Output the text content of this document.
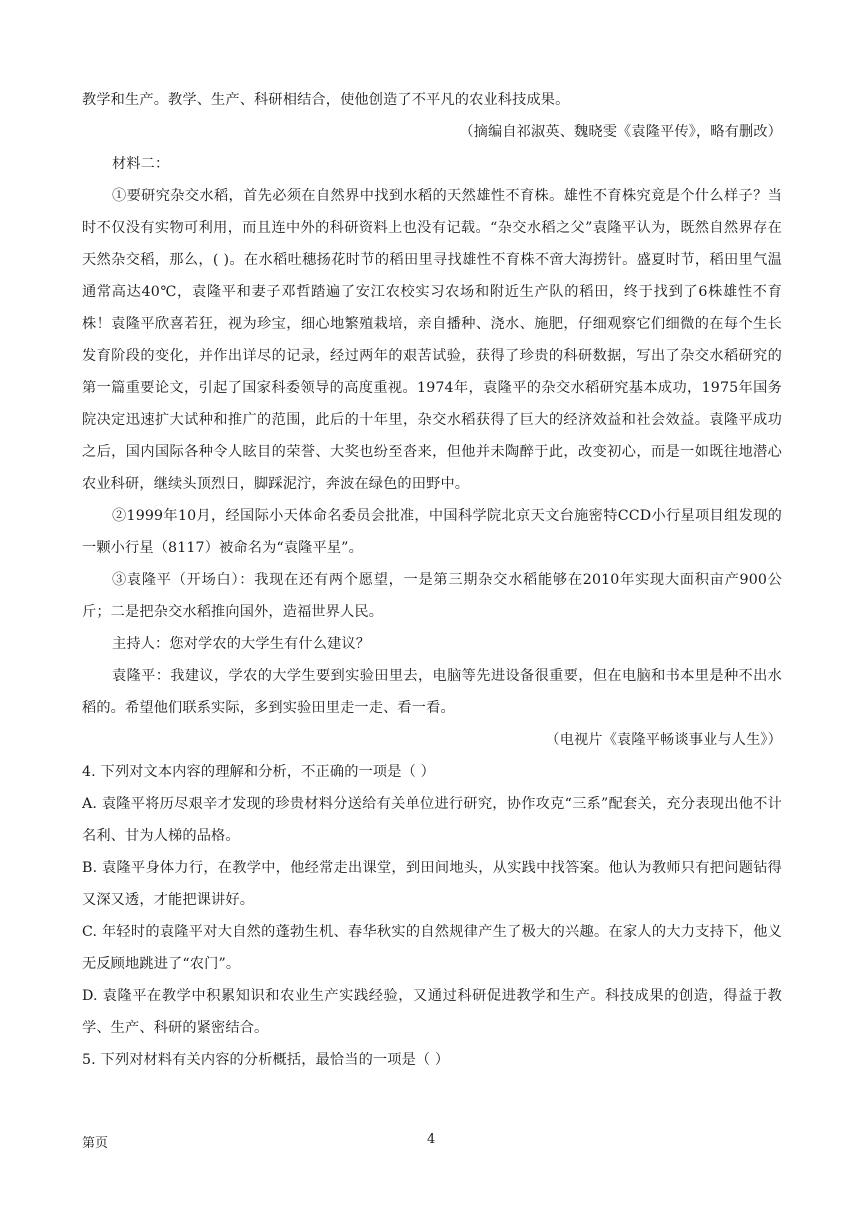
教学和生产。教学、生产、科研相结合，使他创造了不平凡的农业科技成果。

（摘编自祁淑英、魏晓雯《袁隆平传》，略有删改）

材料二：

①要研究杂交水稻，首先必须在自然界中找到水稻的天然雄性不育株。雄性不育株究竟是个什么样子？当时不仅没有实物可利用，而且连中外的科研资料上也没有记载。“杂交水稻之父”袁隆平认为，既然自然界存在天然杂交稻，那么，( )。在水稻吐穗扬花时节的稻田里寻找雄性不育株不啻大海捞针。盛夏时节，稻田里气温通常高达40℃，袁隆平和妻子邓哲踏遍了安江农校实习农场和附近生产队的稻田，终于找到了6株雄性不育株！袁隆平欣喜若狂，视为珍宝，细心地繁殖栽培，亲自播种、浇水、施肥，仔细观察它们细微的在每个生长发育阶段的变化，并作出详尽的记录，经过两年的艰苦试验，获得了珍贵的科研数据，写出了杂交水稻研究的第一篇重要论文，引起了国家科委领导的高度重视。1974年，袁隆平的杂交水稻研究基本成功，1975年国务院决定迅速扩大试种和推广的范围，此后的十年里，杂交水稻获得了巨大的经济效益和社会效益。袁隆平成功之后，国内国际各种令人眩目的荣誉、大奖也纷至沓来，但他并未陶醉于此，改变初心，而是一如既往地潜心农业科研，继续头顶烈日，脚踩泥泞，奔波在绿色的田野中。

②1999年10月，经国际小天体命名委员会批准，中国科学院北京天文台施密特CCD小行星项目组发现的一颗小行星（8117）被命名为“袁隆平星”。

③袁隆平（开场白）：我现在还有两个愿望，一是第三期杂交水稻能够在2010年实现大面积亩产900公斤；二是把杂交水稻推向国外，造福世界人民。

主持人：您对学农的大学生有什么建议？

袁隆平：我建议，学农的大学生要到实验田里去，电脑等先进设备很重要，但在电脑和书本里是种不出水稻的。希望他们联系实际，多到实验田里走一走、看一看。

（电视片《袁隆平畅谈事业与人生》）

4. 下列对文本内容的理解和分析，不正确的一项是（ ）

A. 袁隆平将历尽艰辛才发现的珍贵材料分送给有关单位进行研究，协作攻克“三系”配套关，充分表现出他不计名利、甘为人梯的品格。

B. 袁隆平身体力行，在教学中，他经常走出课堂，到田间地头，从实践中找答案。他认为教师只有把问题钻得又深又透，才能把课讲好。

C. 年轻时的袁隆平对大自然的蓬勃生机、春华秋实的自然规律产生了极大的兴趣。在家人的大力支持下，他义无反顾地跳进了“农门”。

D. 袁隆平在教学中积累知识和农业生产实践经验，又通过科研促进教学和生产。科技成果的创造，得益于教学、生产、科研的紧密结合。

5. 下列对材料有关内容的分析概括，最恰当的一项是（ ）

第页	4
